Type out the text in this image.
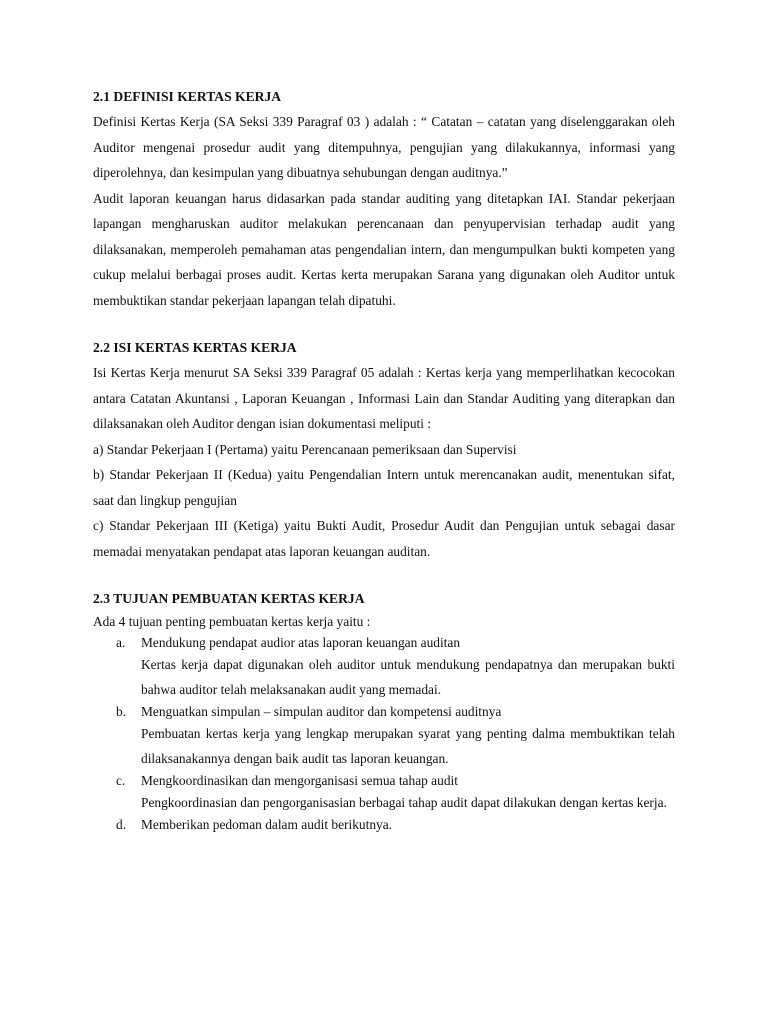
2.1 DEFINISI KERTAS KERJA

Definisi Kertas Kerja (SA Seksi 339 Paragraf 03 ) adalah : “ Catatan – catatan yang diselenggarakan oleh Auditor mengenai prosedur audit yang ditempuhnya, pengujian yang dilakukannya, informasi yang diperolehnya, dan kesimpulan yang dibuatnya sehubungan dengan auditnya.”

Audit laporan keuangan harus didasarkan pada standar auditing yang ditetapkan IAI. Standar pekerjaan lapangan mengharuskan auditor melakukan perencanaan dan penyupervisian terhadap audit yang dilaksanakan, memperoleh pemahaman atas pengendalian intern, dan mengumpulkan bukti kompeten yang cukup melalui berbagai proses audit. Kertas kerta merupakan Sarana yang digunakan oleh Auditor untuk membuktikan standar pekerjaan lapangan telah dipatuhi.

2.2 ISI KERTAS KERTAS KERJA

Isi Kertas Kerja menurut SA Seksi 339 Paragraf 05 adalah : Kertas kerja yang memperlihatkan kecocokan antara Catatan Akuntansi , Laporan Keuangan , Informasi Lain dan Standar Auditing yang diterapkan dan dilaksanakan oleh Auditor dengan isian dokumentasi meliputi :

a) Standar Pekerjaan I (Pertama) yaitu Perencanaan pemeriksaan dan Supervisi

b) Standar Pekerjaan II (Kedua) yaitu Pengendalian Intern untuk merencanakan audit, menentukan sifat, saat dan lingkup pengujian

c) Standar Pekerjaan III (Ketiga) yaitu Bukti Audit, Prosedur Audit dan Pengujian untuk sebagai dasar memadai menyatakan pendapat atas laporan keuangan auditan.

2.3 TUJUAN PEMBUATAN KERTAS KERJA

Ada 4 tujuan penting pembuatan kertas kerja yaitu :

a. Mendukung pendapat audior atas laporan keuangan auditan
Kertas kerja dapat digunakan oleh auditor untuk mendukung pendapatnya dan merupakan bukti bahwa auditor telah melaksanakan audit yang memadai.
b. Menguatkan simpulan – simpulan auditor dan kompetensi auditnya
Pembuatan kertas kerja yang lengkap merupakan syarat yang penting dalma membuktikan telah dilaksanakannya dengan baik audit tas laporan keuangan.
c. Mengkoordinasikan dan mengorganisasi semua tahap audit
Pengkoordinasian dan pengorganisasian berbagai tahap audit dapat dilakukan dengan kertas kerja.
d. Memberikan pedoman dalam audit berikutnya.
